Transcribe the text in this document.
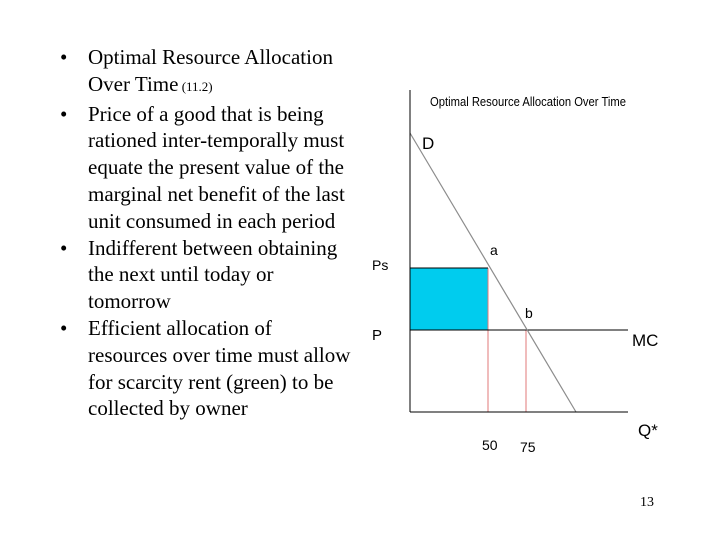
• Optimal Resource Allocation Over Time (11.2)
• Price of a good that is being rationed inter-temporally must equate the present value of the marginal net benefit of the last unit consumed in each period
• Indifferent between obtaining the next until today or tomorrow
• Efficient allocation of resources over time must allow for scarcity rent (green) to be collected by owner
Optimal Resource Allocation Over Time
D
a
b
Ps
P	MC
Q*
50 75
13
